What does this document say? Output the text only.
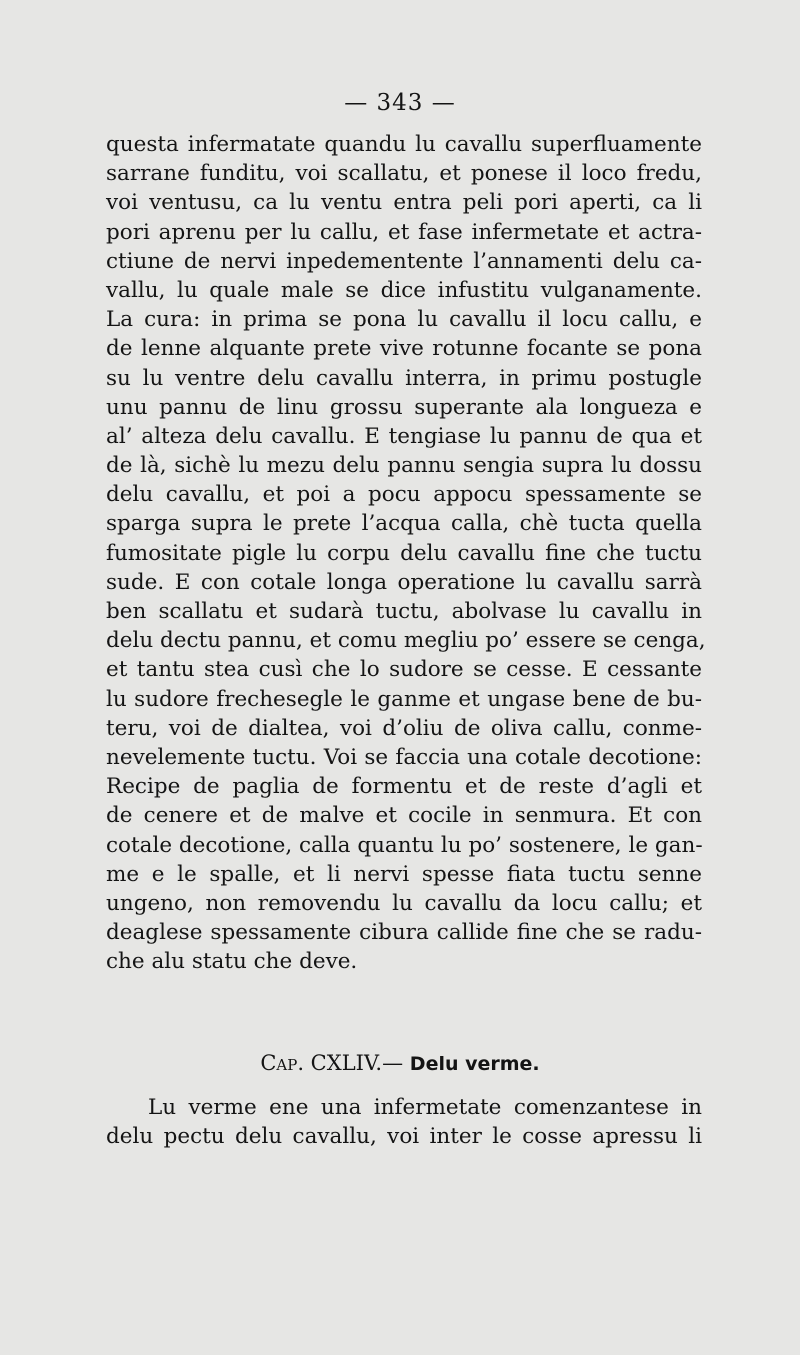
— 343 —
questa infermatate quandu lu cavallu superfluamente
sarrane funditu, voi scallatu, et ponese il loco fredu,
voi ventusu, ca lu ventu entra peli pori aperti, ca li
pori aprenu per lu callu, et fase infermetate et actra-
ctiune de nervi inpedementente l’annamenti delu ca-
vallu, lu quale male se dice infustitu vulganamente.
La cura: in prima se pona lu cavallu il locu callu, e
de lenne alquante prete vive rotunne focante se pona
su lu ventre delu cavallu interra, in primu postugle
unu pannu de linu grossu superante ala longueza e
al’ alteza delu cavallu. E tengiase lu pannu de qua et
de là, sichè lu mezu delu pannu sengia supra lu dossu
delu cavallu, et poi a pocu appocu spessamente se
sparga supra le prete l’acqua calla, chè tucta quella
fumositate pigle lu corpu delu cavallu fine che tuctu
sude. E con cotale longa operatione lu cavallu sarrà
ben scallatu et sudarà tuctu, abolvase lu cavallu in
delu dectu pannu, et comu megliu po’ essere se cenga,
et tantu stea cusì che lo sudore se cesse. E cessante
lu sudore frechesegle le ganme et ungase bene de bu-
teru, voi de dialtea, voi d’oliu de oliva callu, conme-
nevelemente tuctu. Voi se faccia una cotale decotione:
Recipe de paglia de formentu et de reste d’agli et
de cenere et de malve et cocile in senmura. Et con
cotale decotione, calla quantu lu po’ sostenere, le gan-
me e le spalle, et li nervi spesse fiata tuctu senne
ungeno, non removendu lu cavallu da locu callu; et
deaglese spessamente cibura callide fine che se radu-
che alu statu che deve.
Cap. CXLIV.— Delu verme.
Lu verme ene una infermetate comenzantese in
delu pectu delu cavallu, voi inter le cosse apressu li
